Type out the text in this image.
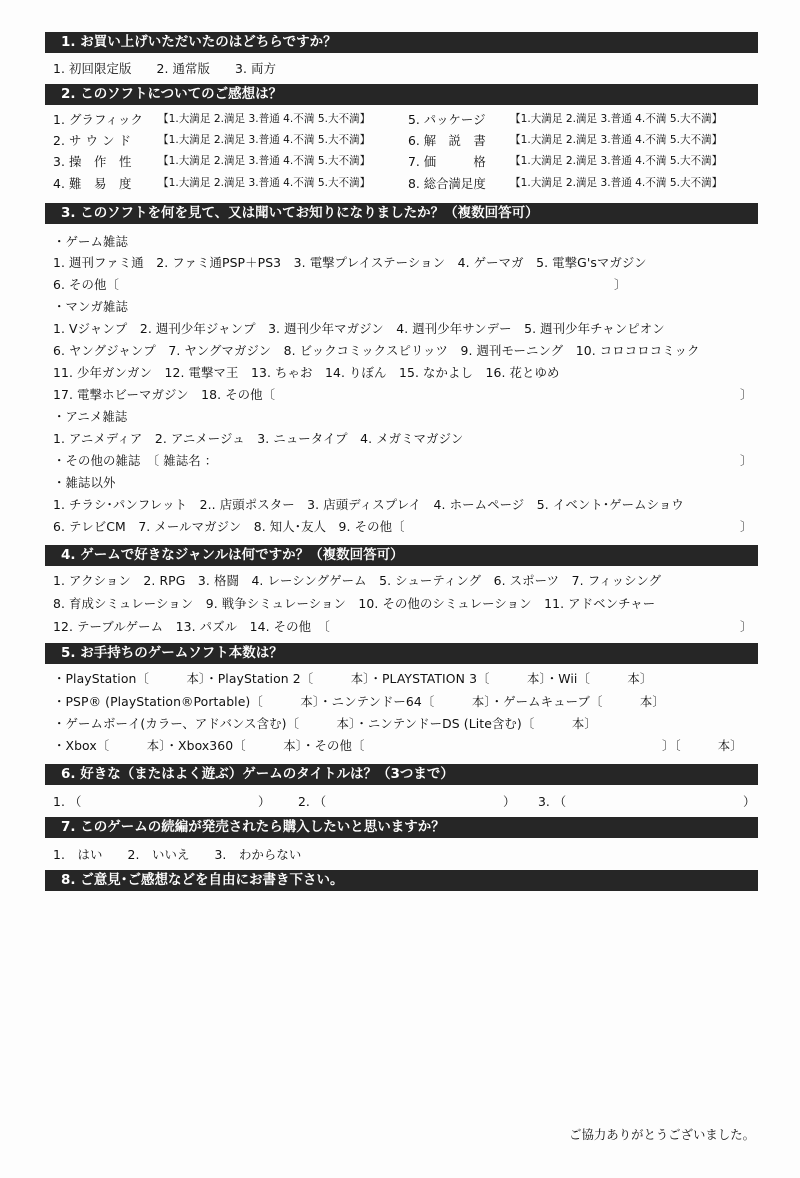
1. お買い上げいただいたのはどちらですか？
1. 初回限定版　　2. 通常版　　3. 両方
2. このソフトについてのご感想は？
1. グラフィック 【1.大満足 2.満足 3.普通 4.不満 5.大不満】
2. サ ウ ン ド	【1.大満足 2.満足 3.普通 4.不満 5.大不満】
3. 操　作　性 【1.大満足 2.満足 3.普通 4.不満 5.大不満】
4. 難　易　度 【1.大満足 2.満足 3.普通 4.不満 5.大不満】
5. パッケージ 【1.大満足 2.満足 3.普通 4.不満 5.大不満】
6. 解　説　書 【1.大満足 2.満足 3.普通 4.不満 5.大不満】
7. 価　　　格 【1.大満足 2.満足 3.普通 4.不満 5.大不満】
8. 総合満足度 【1.大満足 2.満足 3.普通 4.不満 5.大不満】
3. このソフトを何を見て、又は聞いてお知りになりましたか？（複数回答可）
・ゲーム雑誌
1. 週刊ファミ通　2. ファミ通PSP＋PS3　3. 電撃プレイステーション　4. ゲーマガ　5. 電撃G'sマガジン
6. その他〔	〕
・マンガ雑誌
1. Vジャンプ　2. 週刊少年ジャンプ　3. 週刊少年マガジン　4. 週刊少年サンデー　5. 週刊少年チャンピオン
6. ヤングジャンプ　7. ヤングマガジン　8. ビックコミックスピリッツ　9. 週刊モーニング　10. コロコロコミック
11. 少年ガンガン　12. 電撃マ王　13. ちゃお　14. りぼん　15. なかよし　16. 花とゆめ
17. 電撃ホビーマガジン　18. その他〔	〕
・アニメ雑誌
1. アニメディア　2. アニメージュ　3. ニュータイプ　4. メガミマガジン
・その他の雑誌　〔 雑誌名 ：	〕
・雑誌以外
1. チラシ･パンフレット　2.. 店頭ポスター　3. 店頭ディスプレイ　4. ホームページ　5. イベント･ゲームショウ
6. テレビCM　7. メールマガジン　8. 知人･友人　9. その他〔	〕
4. ゲームで好きなジャンルは何ですか？（複数回答可）
1. アクション　2. RPG　3. 格闘　4. レーシングゲーム　5. シューティング　6. スポーツ　7. フィッシング
8. 育成シミュレーション　9. 戦争シミュレーション　10. その他のシミュレーション　11. アドベンチャー
12. テーブルゲーム　13. パズル　14. その他　〔	〕
5. お手持ちのゲームソフト本数は？
・PlayStation〔　　　本〕・PlayStation 2〔　　　本〕・PLAYSTATION 3〔　　　本〕・Wii〔　　　本〕
・PSP® (PlayStation®Portable)〔　　　本〕・ニンテンドー64〔　　　本〕・ゲームキューブ〔　　　本〕
・ゲームボーイ(カラー、アドバンス含む)〔　　　本〕・ニンテンドーDS (Lite含む)〔　　　本〕
・Xbox〔　　　本〕・Xbox360〔　　　本〕・その他〔	〕〔　　　本〕
6. 好きな（またはよく遊ぶ）ゲームのタイトルは？（3つまで）
1. （	） 2. （	） 3. （	）
7. このゲームの続編が発売されたら購入したいと思いますか？
1.　はい　　2.　いいえ　　3.　わからない
8. ご意見･ご感想などを自由にお書き下さい。
ご協力ありがとうございました。
